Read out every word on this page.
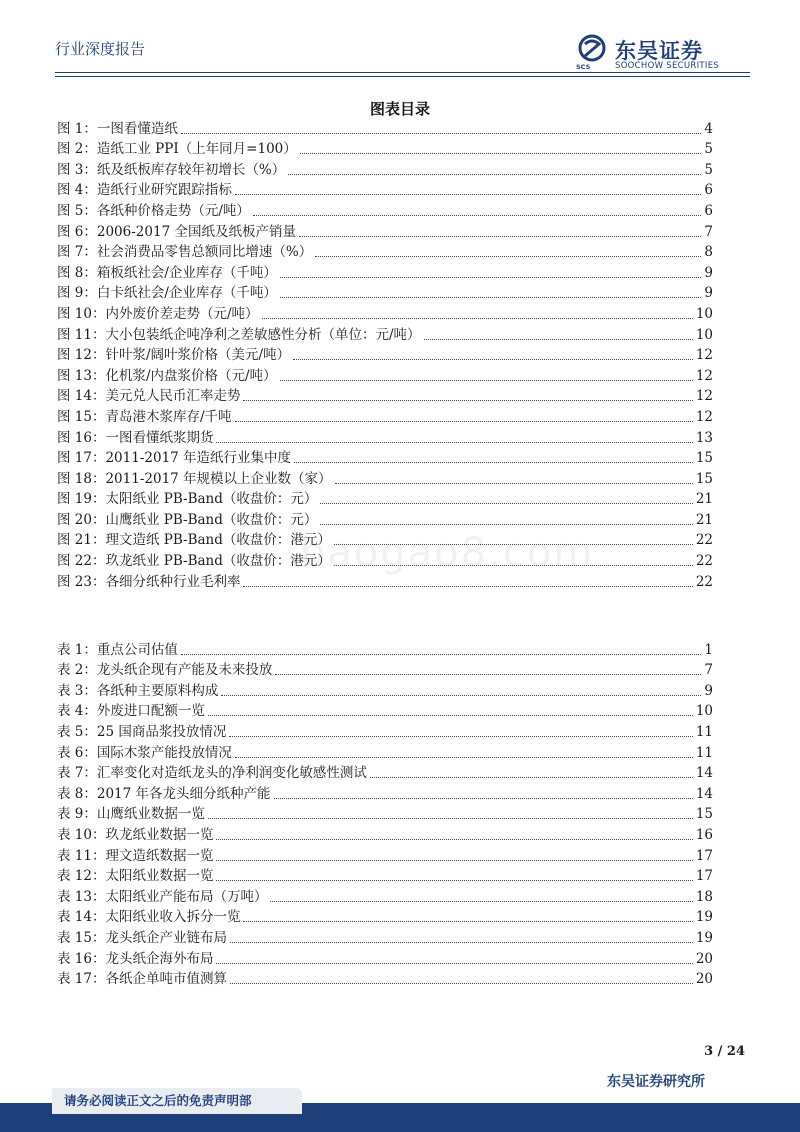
行业深度报告
SCS
东吴证券
SOOCHOW SECURITIES
图表目录
图 1：一图看懂造纸	4
图 2：造纸工业 PPI（上年同月=100）	5
图 3：纸及纸板库存较年初增长（%）	5
图 4：造纸行业研究跟踪指标	6
图 5：各纸种价格走势（元/吨）	6
图 6：2006-2017 全国纸及纸板产销量	7
图 7：社会消费品零售总额同比增速（%）	8
图 8：箱板纸社会/企业库存（千吨）	9
图 9：白卡纸社会/企业库存（千吨）	9
图 10：内外废价差走势（元/吨）	10
图 11：大小包装纸企吨净利之差敏感性分析（单位：元/吨）	10
图 12：针叶浆/阔叶浆价格（美元/吨）	12
图 13：化机浆/内盘浆价格（元/吨）	12
图 14：美元兑人民币汇率走势	12
图 15：青岛港木浆库存/千吨	12
图 16：一图看懂纸浆期货	13
图 17：2011-2017 年造纸行业集中度	15
图 18：2011-2017 年规模以上企业数（家）	15
图 19：太阳纸业 PB-Band（收盘价：元）	21
图 20：山鹰纸业 PB-Band（收盘价：元）	21
图 21：理文造纸 PB-Band（收盘价：港元）	22
图 22：玖龙纸业 PB-Band（收盘价：港元）	22
图 23：各细分纸种行业毛利率	22
表 1：重点公司估值	1
表 2：龙头纸企现有产能及未来投放	7
表 3：各纸种主要原料构成	9
表 4：外废进口配额一览	10
表 5：25 国商品浆投放情况	11
表 6：国际木浆产能投放情况	11
表 7：汇率变化对造纸龙头的净利润变化敏感性测试	14
表 8：2017 年各龙头细分纸种产能	14
表 9：山鹰纸业数据一览	15
表 10：玖龙纸业数据一览	16
表 11：理文造纸数据一览	17
表 12：太阳纸业数据一览	17
表 13：太阳纸业产能布局（万吨）	18
表 14：太阳纸业收入拆分一览	19
表 15：龙头纸企产业链布局	19
表 16：龙头纸企海外布局	20
表 17：各纸企单吨市值测算	20
baogao8.com
3 / 24
东吴证券研究所
请务必阅读正文之后的免责声明部
